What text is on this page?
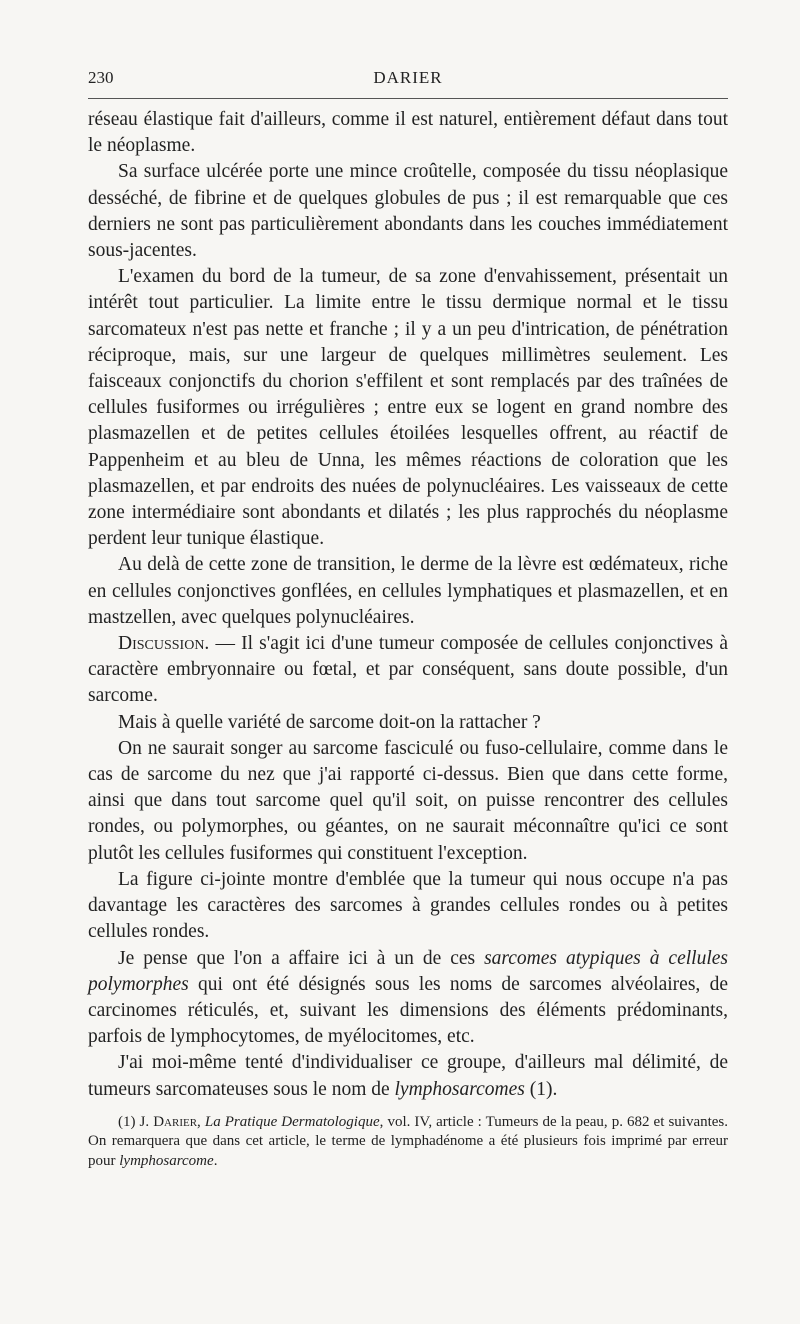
230	DARIER

réseau élastique fait d'ailleurs, comme il est naturel, entièrement défaut dans tout le néoplasme.

Sa surface ulcérée porte une mince croûtelle, composée du tissu néoplasique desséché, de fibrine et de quelques globules de pus ; il est remarquable que ces derniers ne sont pas particulièrement abondants dans les couches immédiatement sous-jacentes.

L'examen du bord de la tumeur, de sa zone d'envahissement, présentait un intérêt tout particulier. La limite entre le tissu dermique normal et le tissu sarcomateux n'est pas nette et franche ; il y a un peu d'intrication, de pénétration réciproque, mais, sur une largeur de quelques millimètres seulement. Les faisceaux conjonctifs du chorion s'effilent et sont remplacés par des traînées de cellules fusiformes ou irrégulières ; entre eux se logent en grand nombre des plasmazellen et de petites cellules étoilées lesquelles offrent, au réactif de Pappenheim et au bleu de Unna, les mêmes réactions de coloration que les plasmazellen, et par endroits des nuées de polynucléaires. Les vaisseaux de cette zone intermédiaire sont abondants et dilatés ; les plus rapprochés du néoplasme perdent leur tunique élastique.

Au delà de cette zone de transition, le derme de la lèvre est œdémateux, riche en cellules conjonctives gonflées, en cellules lymphatiques et plasmazellen, et en mastzellen, avec quelques polynucléaires.

Discussion. — Il s'agit ici d'une tumeur composée de cellules conjonctives à caractère embryonnaire ou fœtal, et par conséquent, sans doute possible, d'un sarcome.

Mais à quelle variété de sarcome doit-on la rattacher ?

On ne saurait songer au sarcome fasciculé ou fuso-cellulaire, comme dans le cas de sarcome du nez que j'ai rapporté ci-dessus. Bien que dans cette forme, ainsi que dans tout sarcome quel qu'il soit, on puisse rencontrer des cellules rondes, ou polymorphes, ou géantes, on ne saurait méconnaître qu'ici ce sont plutôt les cellules fusiformes qui constituent l'exception.

La figure ci-jointe montre d'emblée que la tumeur qui nous occupe n'a pas davantage les caractères des sarcomes à grandes cellules rondes ou à petites cellules rondes.

Je pense que l'on a affaire ici à un de ces sarcomes atypiques à cellules polymorphes qui ont été désignés sous les noms de sarcomes alvéolaires, de carcinomes réticulés, et, suivant les dimensions des éléments prédominants, parfois de lymphocytomes, de myélocitomes, etc.

J'ai moi-même tenté d'individualiser ce groupe, d'ailleurs mal délimité, de tumeurs sarcomateuses sous le nom de lymphosarcomes (1).

(1) J. Darier, La Pratique Dermatologique, vol. IV, article : Tumeurs de la peau, p. 682 et suivantes. On remarquera que dans cet article, le terme de lymphadénome a été plusieurs fois imprimé par erreur pour lymphosarcome.
